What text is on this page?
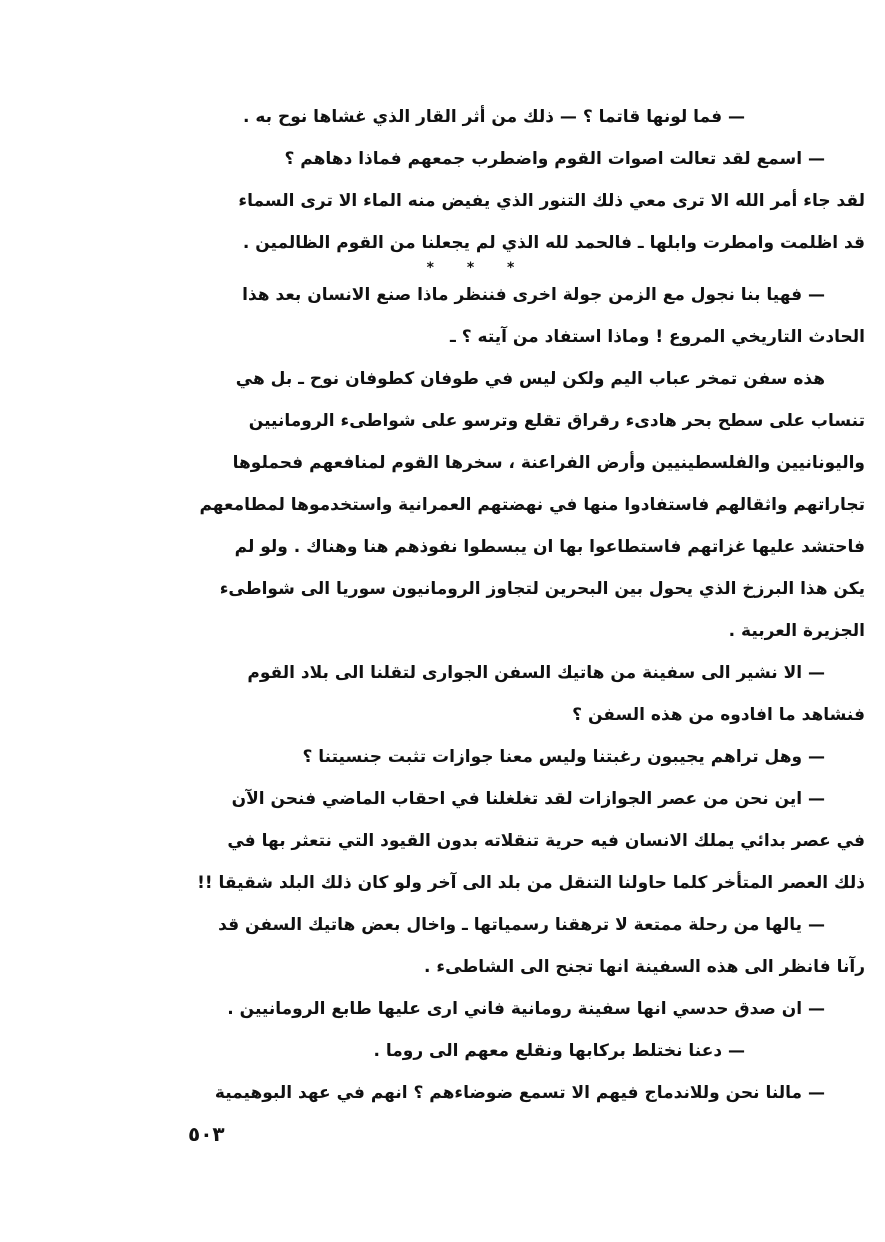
— فما لونها قاتما ؟ — ذلك من أثر القار الذي غشاها نوح به .
— اسمع لقد تعالت اصوات القوم واضطرب جمعهم فماذا دهاهم ؟
لقد جاء أمر الله الا ترى معي ذلك التنور الذي يفيض منه الماء الا ترى السماء
قد اظلمت وامطرت وابلها ـ فالحمد لله الذي لم يجعلنا من القوم الظالمين .
* * *
— فهيا بنا نجول مع الزمن جولة اخرى فننظر ماذا صنع الانسان بعد هذا
الحادث التاريخي المروع ! وماذا استفاد من آيته ؟ ـ
هذه سفن تمخر عباب اليم ولكن ليس في طوفان كطوفان نوح ـ بل هي
تنساب على سطح بحر هادىء رقراق تقلع وترسو على شواطىء الرومانيين
واليونانيين والفلسطينيين وأرض الفراعنة ، سخرها القوم لمنافعهم فحملوها
تجاراتهم واثقالهم فاستفادوا منها في نهضتهم العمرانية واستخدموها لمطامعهم
فاحتشد عليها غزاتهم فاستطاعوا بها ان يبسطوا نفوذهم هنا وهناك . ولو لم
يكن هذا البرزخ الذي يحول بين البحرين لتجاوز الرومانيون سوريا الى شواطىء
الجزيرة العربية .
— الا نشير الى سفينة من هاتيك السفن الجوارى لتقلنا الى بلاد القوم
فنشاهد ما افادوه من هذه السفن ؟
— وهل تراهم يجيبون رغبتنا وليس معنا جوازات تثبت جنسيتنا ؟
— اين نحن من عصر الجوازات لقد تغلغلنا في احقاب الماضي فنحن الآن
في عصر بدائي يملك الانسان فيه حرية تنقلاته بدون القيود التي نتعثر بها في
ذلك العصر المتأخر كلما حاولنا التنقل من بلد الى آخر ولو كان ذلك البلد شقيقا !!
— يالها من رحلة ممتعة لا ترهقنا رسمياتها ـ واخال بعض هاتيك السفن قد
رآنا فانظر الى هذه السفينة انها تجنح الى الشاطىء .
— ان صدق حدسي انها سفينة رومانية فاني ارى عليها طابع الرومانيين .
— دعنا نختلط بركابها ونقلع معهم الى روما .
— مالنا نحن وللاندماج فيهم الا تسمع ضوضاءهم ؟ انهم في عهد البوهيمية
٥٠٣
